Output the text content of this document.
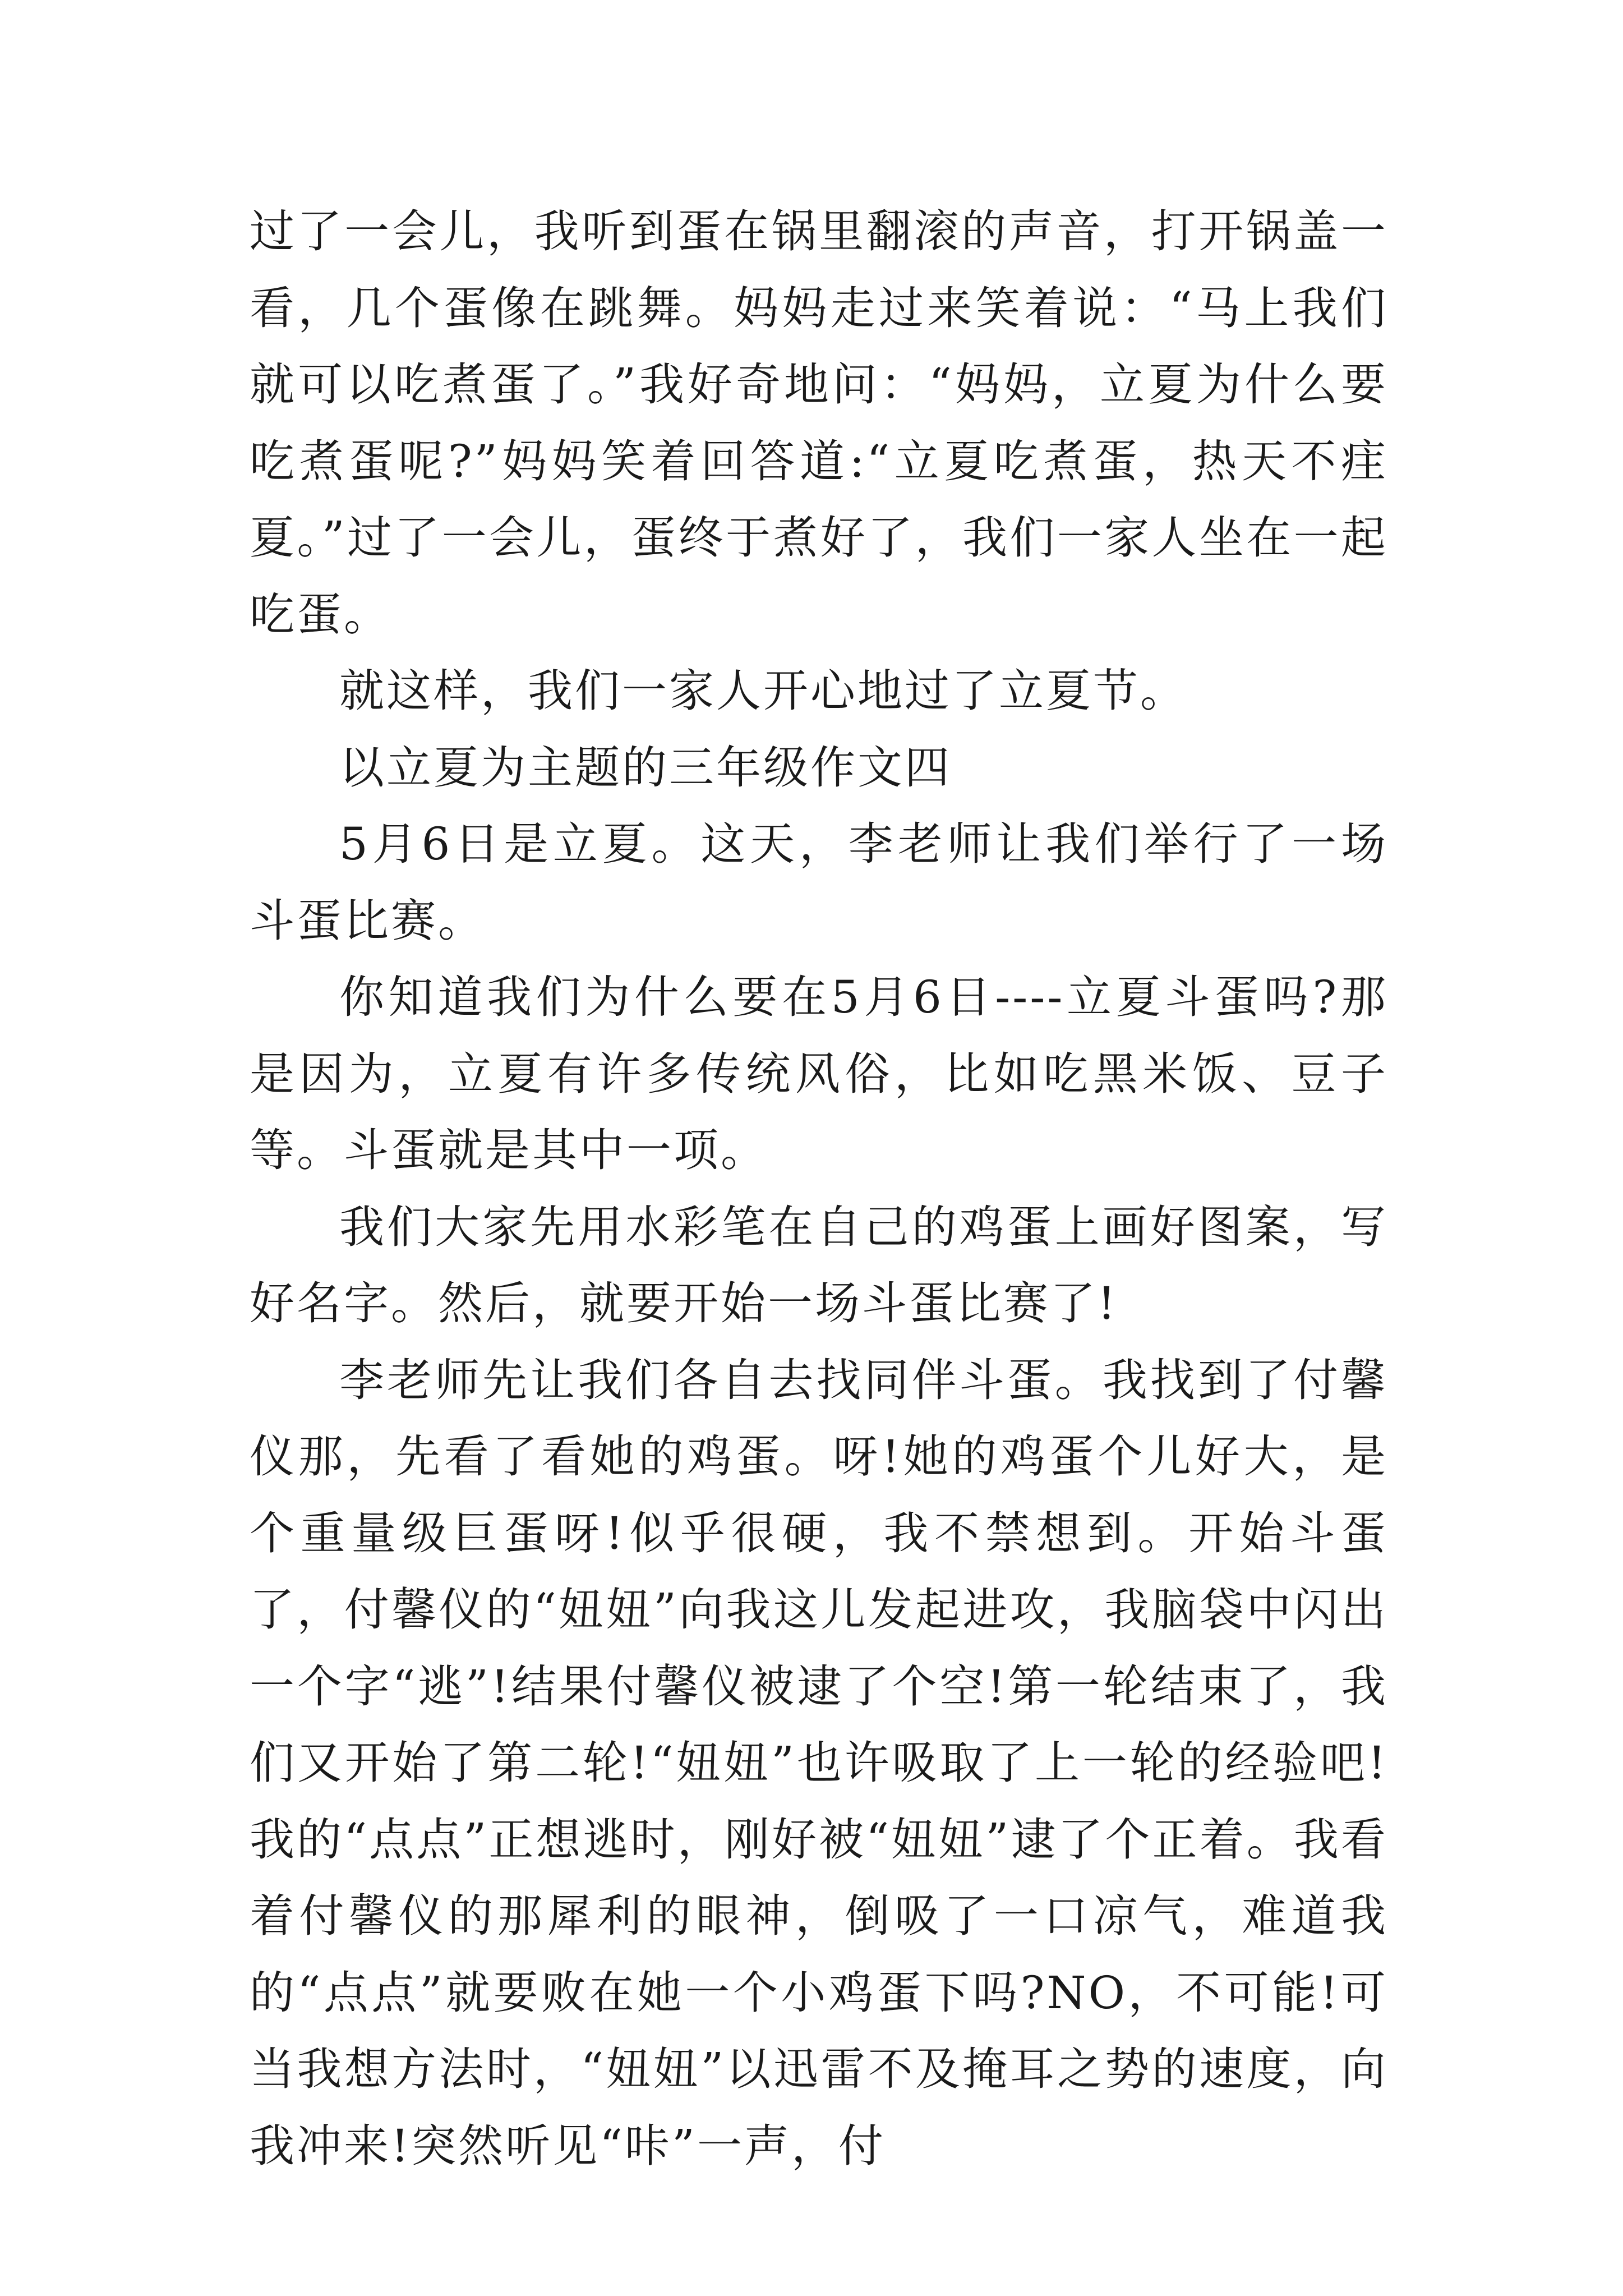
过了一会儿，我听到蛋在锅里翻滚的声音，打开锅盖一看，几个蛋像在跳舞。妈妈走过来笑着说：“马上我们就可以吃煮蛋了。”我好奇地问：“妈妈，立夏为什么要吃煮蛋呢?”妈妈笑着回答道:“立夏吃煮蛋，热天不疰夏。”过了一会儿，蛋终于煮好了，我们一家人坐在一起吃蛋。

就这样，我们一家人开心地过了立夏节。

以立夏为主题的三年级作文四

5月6日是立夏。这天，李老师让我们举行了一场斗蛋比赛。

你知道我们为什么要在5月6日----立夏斗蛋吗?那是因为，立夏有许多传统风俗，比如吃黑米饭、豆子等。斗蛋就是其中一项。

我们大家先用水彩笔在自己的鸡蛋上画好图案，写好名字。然后，就要开始一场斗蛋比赛了!

李老师先让我们各自去找同伴斗蛋。我找到了付馨仪那，先看了看她的鸡蛋。呀!她的鸡蛋个儿好大，是个重量级巨蛋呀!似乎很硬，我不禁想到。开始斗蛋了，付馨仪的“妞妞”向我这儿发起进攻，我脑袋中闪出一个字“逃”!结果付馨仪被逮了个空!第一轮结束了，我们又开始了第二轮!“妞妞”也许吸取了上一轮的经验吧!我的“点点”正想逃时，刚好被“妞妞”逮了个正着。我看着付馨仪的那犀利的眼神，倒吸了一口凉气，难道我的“点点”就要败在她一个小鸡蛋下吗?NO，不可能!可当我想方法时，“妞妞”以迅雷不及掩耳之势的速度，向我冲来!突然听见“咔”一声，付
